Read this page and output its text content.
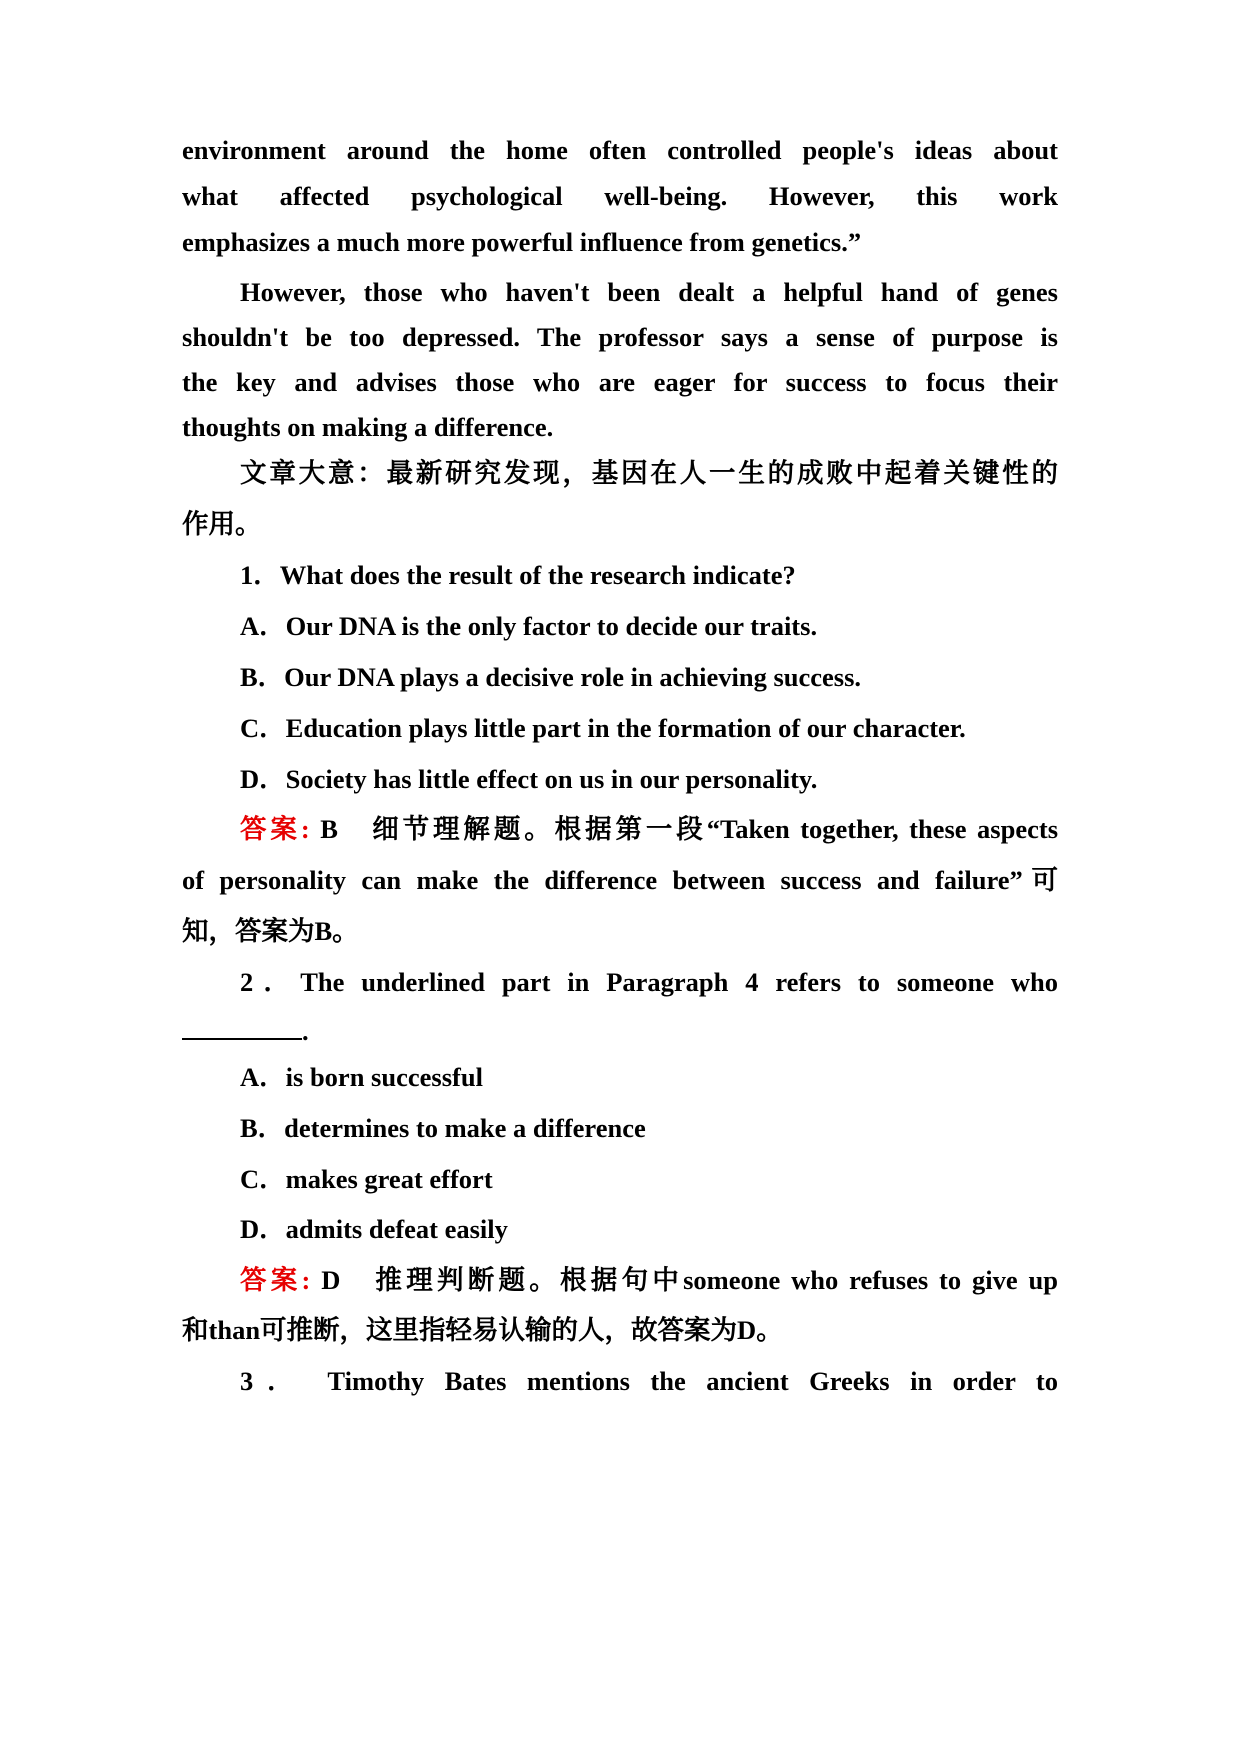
environment around the home often controlled people's ideas about
what affected psychological well-being. However, this work
emphasizes a much more powerful influence from genetics.”
However, those who haven't been dealt a helpful hand of genes
shouldn't be too depressed. The professor says a sense of purpose is
the key and advises those who are eager for success to focus their
thoughts on making a difference.
文章大意：最新研究发现，基因在人一生的成败中起着关键性的
作用。
1．What does the result of the research indicate?
A．Our DNA is the only factor to decide our traits.
B．Our DNA plays a decisive role in achieving success.
C．Education plays little part in the formation of our character.
D．Society has little effect on us in our personality.
答案: B　细节理解题。根据第一段“Taken together, these aspects
of personality can make the difference between success and failure”可
知，答案为B。
2．The underlined part in Paragraph 4 refers to someone who
.
A．is born successful
B．determines to make a difference
C．makes great effort
D．admits defeat easily
答案: D　推理判断题。根据句中someone who refuses to give up
和than可推断，这里指轻易认输的人，故答案为D。
3． Timothy Bates mentions the ancient Greeks in order to
